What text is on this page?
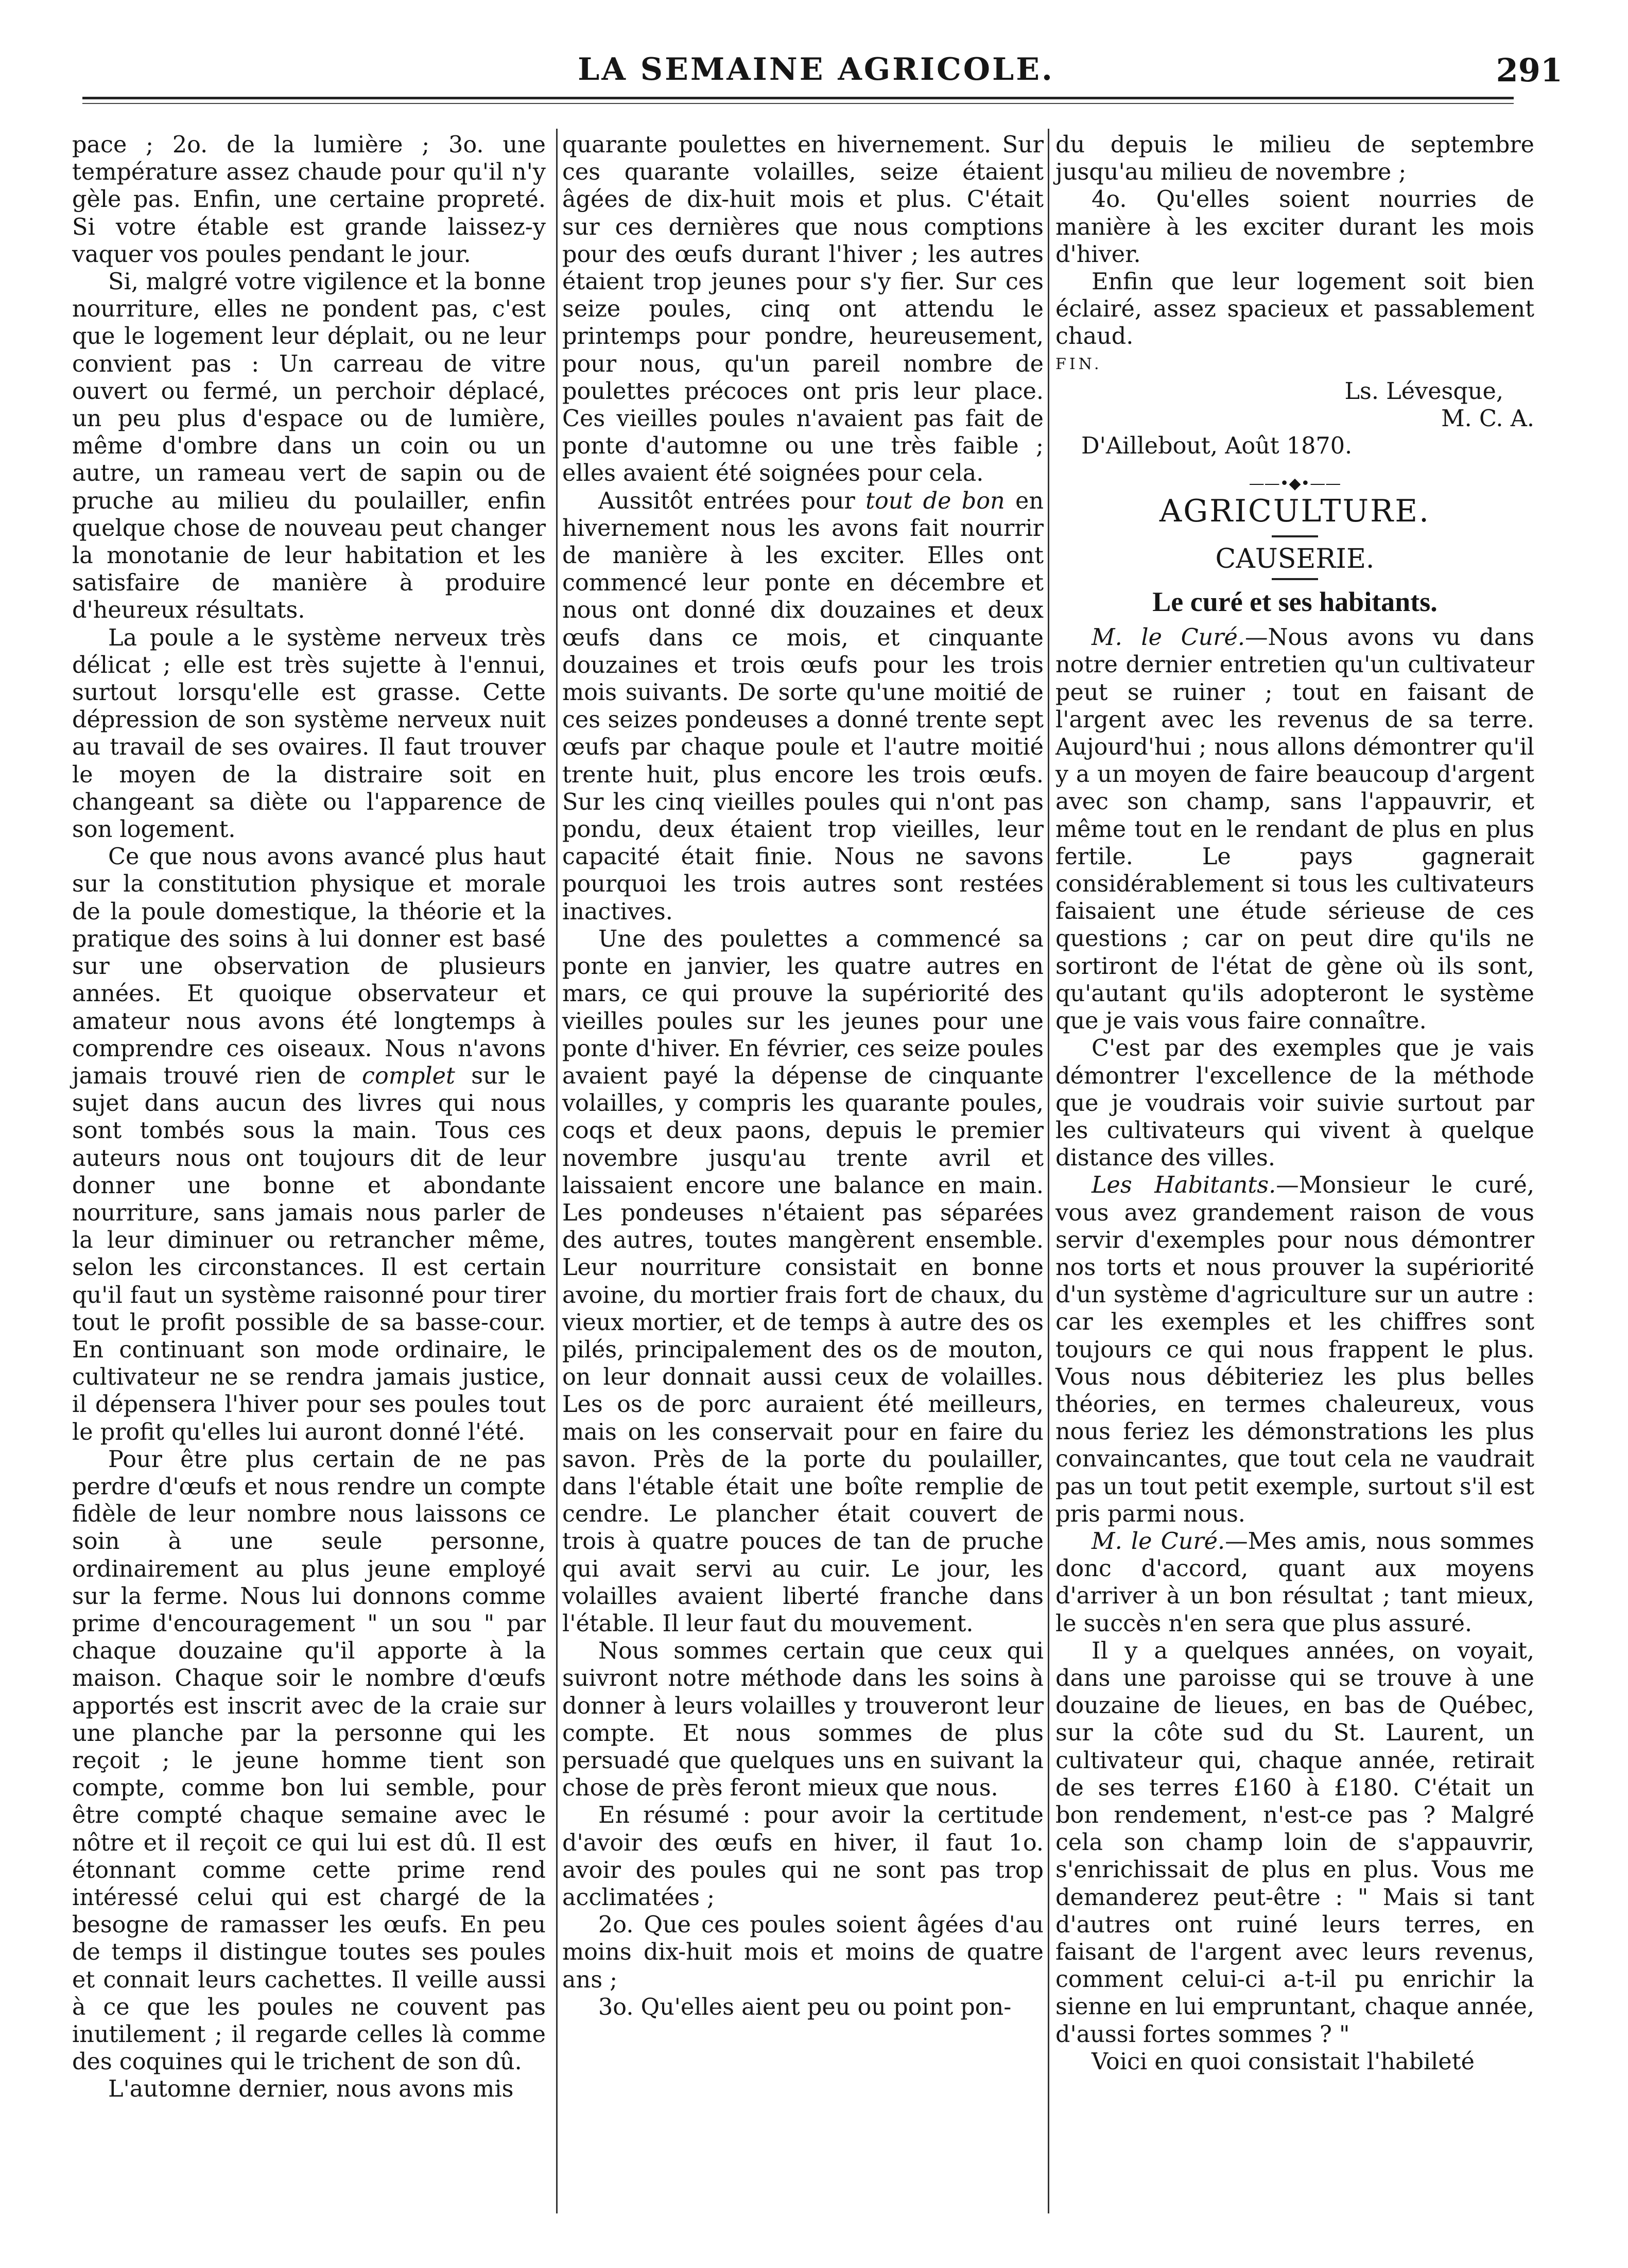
LA SEMAINE AGRICOLE.	291

pace ; 2o. de la lumière ; 3o. une température assez chaude pour qu'il n'y gèle pas. Enfin, une certaine propreté. Si votre étable est grande laissez-y vaquer vos poules pendant le jour.

Si, malgré votre vigilence et la bonne nourriture, elles ne pondent pas, c'est que le logement leur déplait, ou ne leur convient pas : Un carreau de vitre ouvert ou fermé, un perchoir déplacé, un peu plus d'espace ou de lumière, même d'ombre dans un coin ou un autre, un rameau vert de sapin ou de pruche au milieu du poulailler, enfin quelque chose de nouveau peut changer la monotanie de leur habitation et les satisfaire de manière à produire d'heureux résultats.

La poule a le système nerveux très délicat ; elle est très sujette à l'ennui, surtout lorsqu'elle est grasse. Cette dépression de son système nerveux nuit au travail de ses ovaires. Il faut trouver le moyen de la distraire soit en changeant sa diète ou l'apparence de son logement.

Ce que nous avons avancé plus haut sur la constitution physique et morale de la poule domestique, la théorie et la pratique des soins à lui donner est basé sur une observation de plusieurs années. Et quoique observateur et amateur nous avons été longtemps à comprendre ces oiseaux. Nous n'avons jamais trouvé rien de complet sur le sujet dans aucun des livres qui nous sont tombés sous la main. Tous ces auteurs nous ont toujours dit de leur donner une bonne et abondante nourriture, sans jamais nous parler de la leur diminuer ou retrancher même, selon les circonstances. Il est certain qu'il faut un système raisonné pour tirer tout le profit possible de sa basse-cour. En continuant son mode ordinaire, le cultivateur ne se rendra jamais justice, il dépensera l'hiver pour ses poules tout le profit qu'elles lui auront donné l'été.

Pour être plus certain de ne pas perdre d'œufs et nous rendre un compte fidèle de leur nombre nous laissons ce soin à une seule personne, ordinairement au plus jeune employé sur la ferme. Nous lui donnons comme prime d'encouragement " un sou " par chaque douzaine qu'il apporte à la maison. Chaque soir le nombre d'œufs apportés est inscrit avec de la craie sur une planche par la personne qui les reçoit ; le jeune homme tient son compte, comme bon lui semble, pour être compté chaque semaine avec le nôtre et il reçoit ce qui lui est dû. Il est étonnant comme cette prime rend intéressé celui qui est chargé de la besogne de ramasser les œufs. En peu de temps il distingue toutes ses poules et connait leurs cachettes. Il veille aussi à ce que les poules ne couvent pas inutilement ; il regarde celles là comme des coquines qui le trichent de son dû.

L'automne dernier, nous avons mis

quarante poulettes en hivernement. Sur ces quarante volailles, seize étaient âgées de dix-huit mois et plus. C'était sur ces dernières que nous comptions pour des œufs durant l'hiver ; les autres étaient trop jeunes pour s'y fier. Sur ces seize poules, cinq ont attendu le printemps pour pondre, heureusement, pour nous, qu'un pareil nombre de poulettes précoces ont pris leur place. Ces vieilles poules n'avaient pas fait de ponte d'automne ou une très faible ; elles avaient été soignées pour cela.

Aussitôt entrées pour tout de bon en hivernement nous les avons fait nourrir de manière à les exciter. Elles ont commencé leur ponte en décembre et nous ont donné dix douzaines et deux œufs dans ce mois, et cinquante douzaines et trois œufs pour les trois mois suivants. De sorte qu'une moitié de ces seizes pondeuses a donné trente sept œufs par chaque poule et l'autre moitié trente huit, plus encore les trois œufs. Sur les cinq vieilles poules qui n'ont pas pondu, deux étaient trop vieilles, leur capacité était finie. Nous ne savons pourquoi les trois autres sont restées inactives.

Une des poulettes a commencé sa ponte en janvier, les quatre autres en mars, ce qui prouve la supériorité des vieilles poules sur les jeunes pour une ponte d'hiver. En février, ces seize poules avaient payé la dépense de cinquante volailles, y compris les quarante poules, coqs et deux paons, depuis le premier novembre jusqu'au trente avril et laissaient encore une balance en main. Les pondeuses n'étaient pas séparées des autres, toutes mangèrent ensemble. Leur nourriture consistait en bonne avoine, du mortier frais fort de chaux, du vieux mortier, et de temps à autre des os pilés, principalement des os de mouton, on leur donnait aussi ceux de volailles. Les os de porc auraient été meilleurs, mais on les conservait pour en faire du savon. Près de la porte du poulailler, dans l'étable était une boîte remplie de cendre. Le plancher était couvert de trois à quatre pouces de tan de pruche qui avait servi au cuir. Le jour, les volailles avaient liberté franche dans l'étable. Il leur faut du mouvement.

Nous sommes certain que ceux qui suivront notre méthode dans les soins à donner à leurs volailles y trouveront leur compte. Et nous sommes de plus persuadé que quelques uns en suivant la chose de près feront mieux que nous.

En résumé : pour avoir la certitude d'avoir des œufs en hiver, il faut 1o. avoir des poules qui ne sont pas trop acclimatées ;

2o. Que ces poules soient âgées d'au moins dix-huit mois et moins de quatre ans ;

3o. Qu'elles aient peu ou point pon-

du depuis le milieu de septembre jusqu'au milieu de novembre ;

4o. Qu'elles soient nourries de manière à les exciter durant les mois d'hiver.

Enfin que leur logement soit bien éclairé, assez spacieux et passablement chaud.

FIN.

Ls. Lévesque,

M. C. A.

D'Aillebout, Août 1870.

——•◆•——

AGRICULTURE.

CAUSERIE.

Le curé et ses habitants.

M. le Curé.—Nous avons vu dans notre dernier entretien qu'un cultivateur peut se ruiner ; tout en faisant de l'argent avec les revenus de sa terre. Aujourd'hui ; nous allons démontrer qu'il y a un moyen de faire beaucoup d'argent avec son champ, sans l'appauvrir, et même tout en le rendant de plus en plus fertile. Le pays gagnerait considérablement si tous les cultivateurs faisaient une étude sérieuse de ces questions ; car on peut dire qu'ils ne sortiront de l'état de gène où ils sont, qu'autant qu'ils adopteront le système que je vais vous faire connaître.

C'est par des exemples que je vais démontrer l'excellence de la méthode que je voudrais voir suivie surtout par les cultivateurs qui vivent à quelque distance des villes.

Les Habitants.—Monsieur le curé, vous avez grandement raison de vous servir d'exemples pour nous démontrer nos torts et nous prouver la supériorité d'un système d'agriculture sur un autre : car les exemples et les chiffres sont toujours ce qui nous frappent le plus. Vous nous débiteriez les plus belles théories, en termes chaleureux, vous nous feriez les démonstrations les plus convaincantes, que tout cela ne vaudrait pas un tout petit exemple, surtout s'il est pris parmi nous.

M. le Curé.—Mes amis, nous sommes donc d'accord, quant aux moyens d'arriver à un bon résultat ; tant mieux, le succès n'en sera que plus assuré.

Il y a quelques années, on voyait, dans une paroisse qui se trouve à une douzaine de lieues, en bas de Québec, sur la côte sud du St. Laurent, un cultivateur qui, chaque année, retirait de ses terres £160 à £180. C'était un bon rendement, n'est-ce pas ? Malgré cela son champ loin de s'appauvrir, s'enrichissait de plus en plus. Vous me demanderez peut-être : " Mais si tant d'autres ont ruiné leurs terres, en faisant de l'argent avec leurs revenus, comment celui-ci a-t-il pu enrichir la sienne en lui empruntant, chaque année, d'aussi fortes sommes ? "

Voici en quoi consistait l'habileté
